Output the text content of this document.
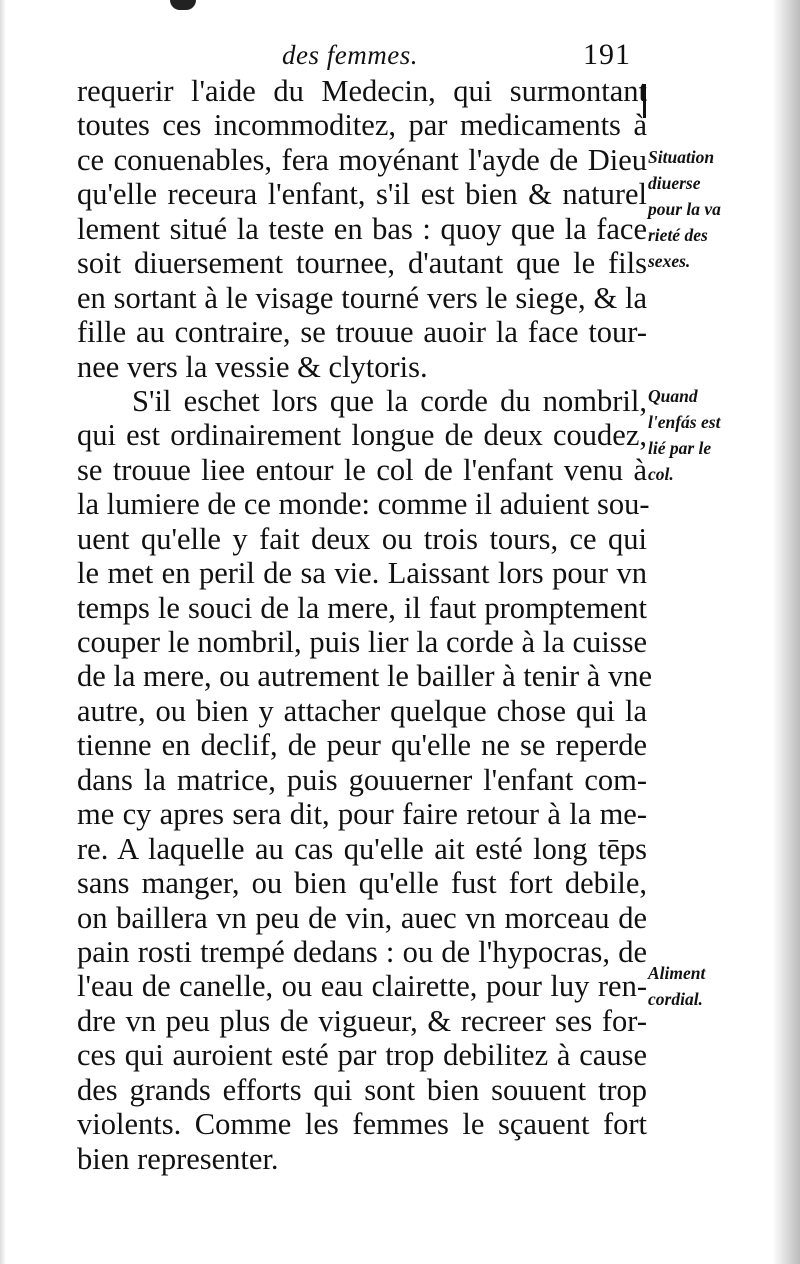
des femmes.	191
requerir l'aide du Medecin, qui surmontant
toutes ces incommoditez, par medicaments à
ce conuenables, fera moyénant l'ayde de Dieu
qu'elle receura l'enfant, s'il est bien & naturel
lement situé la teste en bas : quoy que la face
soit diuersement tournee, d'autant que le fils
en sortant à le visage tourné vers le siege, & la
fille au contraire, se trouue auoir la face tour-
nee vers la vessie & clytoris.
S'il eschet lors que la corde du nombril,
qui est ordinairement longue de deux coudez,
se trouue liee entour le col de l'enfant venu à
la lumiere de ce monde: comme il aduient sou-
uent qu'elle y fait deux ou trois tours, ce qui
le met en peril de sa vie. Laissant lors pour vn
temps le souci de la mere, il faut promptement
couper le nombril, puis lier la corde à la cuisse
de la mere, ou autrement le bailler à tenir à vne
autre, ou bien y attacher quelque chose qui la
tienne en declif, de peur qu'elle ne se reperde
dans la matrice, puis gouuerner l'enfant com-
me cy apres sera dit, pour faire retour à la me-
re. A laquelle au cas qu'elle ait esté long tēps
sans manger, ou bien qu'elle fust fort debile,
on baillera vn peu de vin, auec vn morceau de
pain rosti trempé dedans : ou de l'hypocras, de
l'eau de canelle, ou eau clairette, pour luy ren-
dre vn peu plus de vigueur, & recreer ses for-
ces qui auroient esté par trop debilitez à cause
des grands efforts qui sont bien souuent trop
violents. Comme les femmes le sçauent fort
bien representer.
Situation
diuerse
pour la va
rieté des
sexes.
Quand
l'enfás est
lié par le
col.
Aliment
cordial.
